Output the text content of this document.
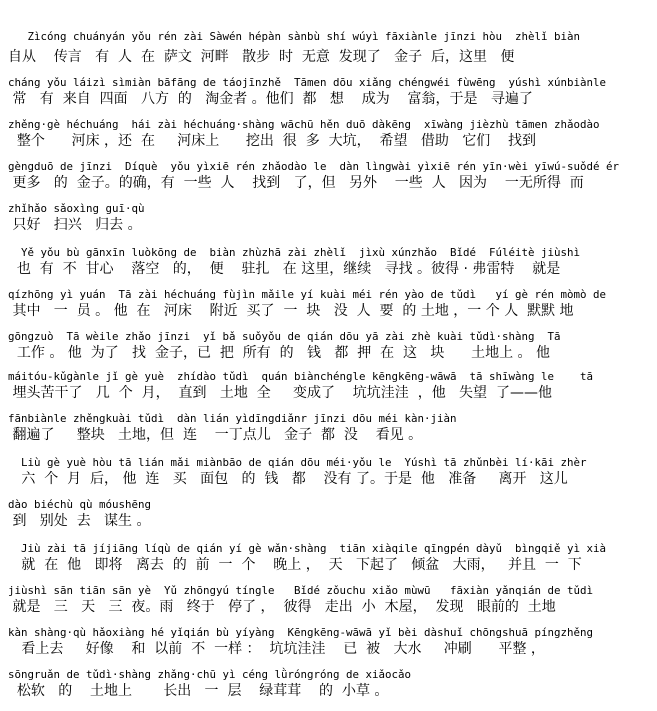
Zìcóng chuányán yǒu rén zài Sàwén hépàn sànbù shí wúyì fāxiànle jīnzi hòu  zhèlǐ biàn
自从    传言   有  人  在  萨文  河畔   散步  时  无意  发现了   金子  后，这里   便
cháng yǒu láizì sìmiàn bāfāng de táojīnzhě  Tāmen dōu xiǎng chéngwéi fùwēng  yúshì xúnbiànle
常   有  来自  四面   八方  的   淘金者 。他们  都   想    成为    富翁，于是   寻遍了
zhěng·gè héchuáng  hái zài héchuáng·shàng wāchū hěn duō dàkēng  xīwàng jièzhù tāmen zhǎodào
整个      河床 ，还  在     河床上      挖出  很  多  大坑，  希望   借助   它们    找到
gèngduō de jīnzi  Díquè  yǒu yìxiē rén zhǎodào le  dàn lìngwài yìxiē rén yīn·wèi yīwú-suǒdé ér
更多   的  金子。的确，有  一些  人    找到   了，但   另外    一些  人   因为    一无所得  而
zhǐhǎo sǎoxìng guī·qù
只好   扫兴   归去 。
Yě yǒu bù gānxīn luòkōng de  biàn zhùzhā zài zhèlǐ  jìxù xúnzhǎo  Bǐdé  Fúléitè jiùshì
也  有  不  甘心    落空   的，  便    驻扎   在 这里，继续   寻找 。彼得 · 弗雷特    就是
qízhōng yì yuán  Tā zài héchuáng fùjìn mǎile yí kuài méi rén yào de tǔdì   yí gè rén mòmò de
其中   一  员 。 他  在   河床    附近  买了  一  块   没  人  要  的 土地 ，一 个 人  默默 地
gōngzuò  Tā wèile zhǎo jīnzi  yǐ bǎ suǒyǒu de qián dōu yā zài zhè kuài tǔdì·shàng  Tā
工作 。 他  为了   找  金子，已  把  所有  的   钱   都  押  在  这   块      土地上 。 他
máitóu-kǔgànle jǐ gè yuè  zhídào tǔdì  quán biànchéngle kēngkēng-wāwā  tā shīwàng le    tā
埋头苦干了   几  个  月，  直到   土地  全     变成了    坑坑洼洼  ，他   失望  了——他
fānbiànle zhěngkuài tǔdì  dàn lián yìdīngdiǎnr jīnzi dōu méi kàn·jiàn
翻遍了     整块   土地，但  连    一丁点儿   金子  都  没    看见 。
Liù gè yuè hòu tā lián mǎi miànbāo de qián dōu méi·yǒu le  Yúshì tā zhǔnbèi lí·kāi zhèr
六  个  月  后， 他  连   买   面包   的  钱   都    没有 了。于是  他   准备     离开   这儿
dào biéchù qù móushēng
到   别处  去   谋生 。
Jiù zài tā jíjiāng líqù de qián yí gè wǎn·shàng  tiān xiàqile qīngpén dàyǔ  bìngqiě yì xià
就  在  他   即将   离去  的  前  一  个    晚上 ，  天   下起了   倾盆   大雨，   并且  一  下
jiùshì sān tiān sān yè  Yǔ zhōngyú tíngle   Bǐdé zǒuchu xiǎo mùwū   fāxiàn yǎnqián de tǔdì
就是   三   天   三  夜。雨   终于   停了 ，  彼得   走出  小  木屋，  发现   眼前的  土地
kàn shàng·qù hǎoxiàng hé yǐqián bù yíyàng  Kēngkēng-wāwā yǐ bèi dàshuǐ chōngshuā píngzhěng
看上去     好像    和  以前  不  一样 ：  坑坑洼洼    已  被   大水     冲刷      平整 ，
sōngruǎn de tǔdì·shàng zhǎng·chū yì céng lǜróngróng de xiǎocǎo
松软   的    土地上       长出   一  层    绿茸茸    的  小草 。
